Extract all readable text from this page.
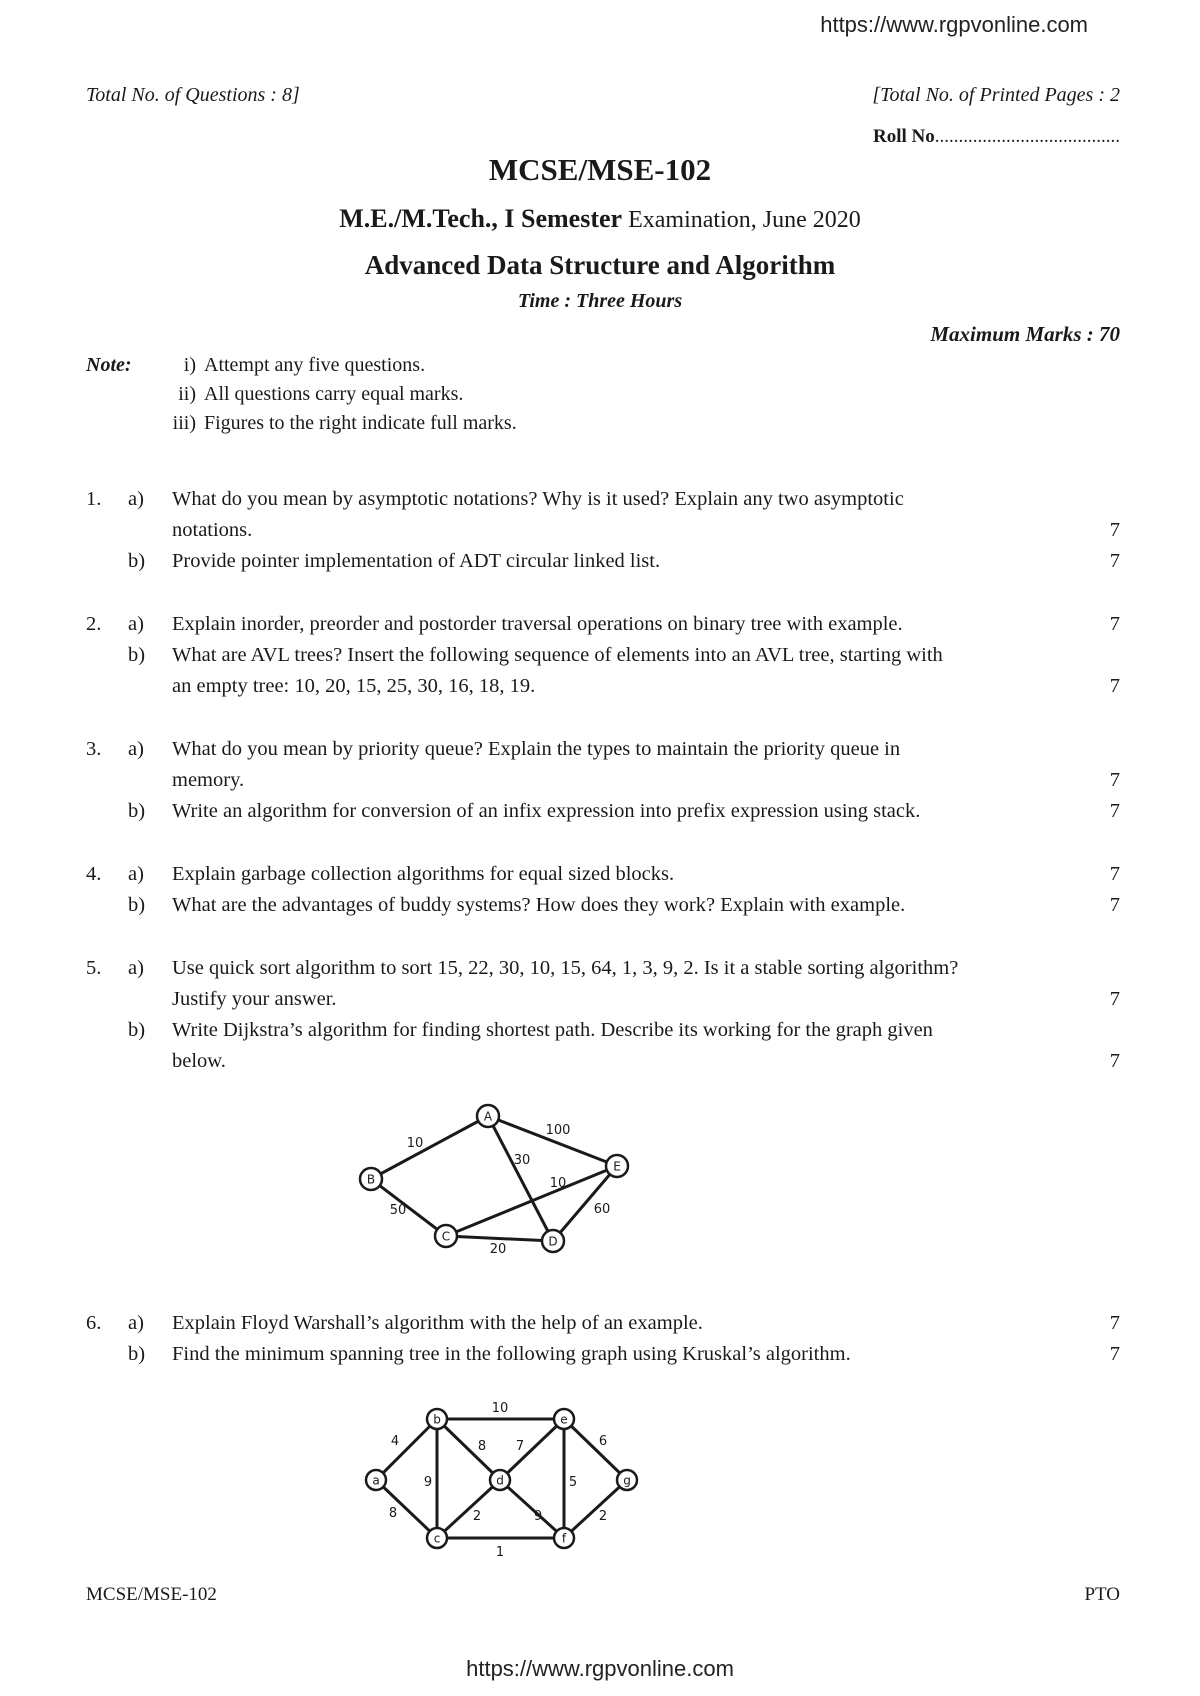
https://www.rgpvonline.com
Total No. of Questions : 8]	[Total No. of Printed Pages : 2
Roll No.......................................
MCSE/MSE-102
M.E./M.Tech., I Semester Examination, June 2020
Advanced Data Structure and Algorithm
Time : Three Hours
Maximum Marks : 70
Note:	i) Attempt any five questions.
ii) All questions carry equal marks.
iii) Figures to the right indicate full marks.
1.	a)	What do you mean by asymptotic notations? Why is it used? Explain any two asymptotic
notations.	7
b)	Provide pointer implementation of ADT circular linked list.	7
2.	a)	Explain inorder, preorder and postorder traversal operations on binary tree with example.	7
b)	What are AVL trees? Insert the following sequence of elements into an AVL tree, starting with
an empty tree: 10, 20, 15, 25, 30, 16, 18, 19.	7
3.	a)	What do you mean by priority queue? Explain the types to maintain the priority queue in
memory.	7
b)	Write an algorithm for conversion of an infix expression into prefix expression using stack.	7
4.	a)	Explain garbage collection algorithms for equal sized blocks.	7
b)	What are the advantages of buddy systems? How does they work? Explain with example.	7
5.	a)	Use quick sort algorithm to sort 15, 22, 30, 10, 15, 64, 1, 3, 9, 2. Is it a stable sorting algorithm?
Justify your answer.	7
b)	Write Dijkstra’s algorithm for finding shortest path. Describe its working for the graph given
below.	7
6.	a)	Explain Floyd Warshall’s algorithm with the help of an example.	7
b)	Find the minimum spanning tree in the following graph using Kruskal’s algorithm.	7
10
100
30
10
50	60
20
A
B
C	D
E
4
8
9
8
10
2
1
7
9
5
6
2
a
b
c
d
e
f
g
MCSE/MSE-102	PTO
https://www.rgpvonline.com
